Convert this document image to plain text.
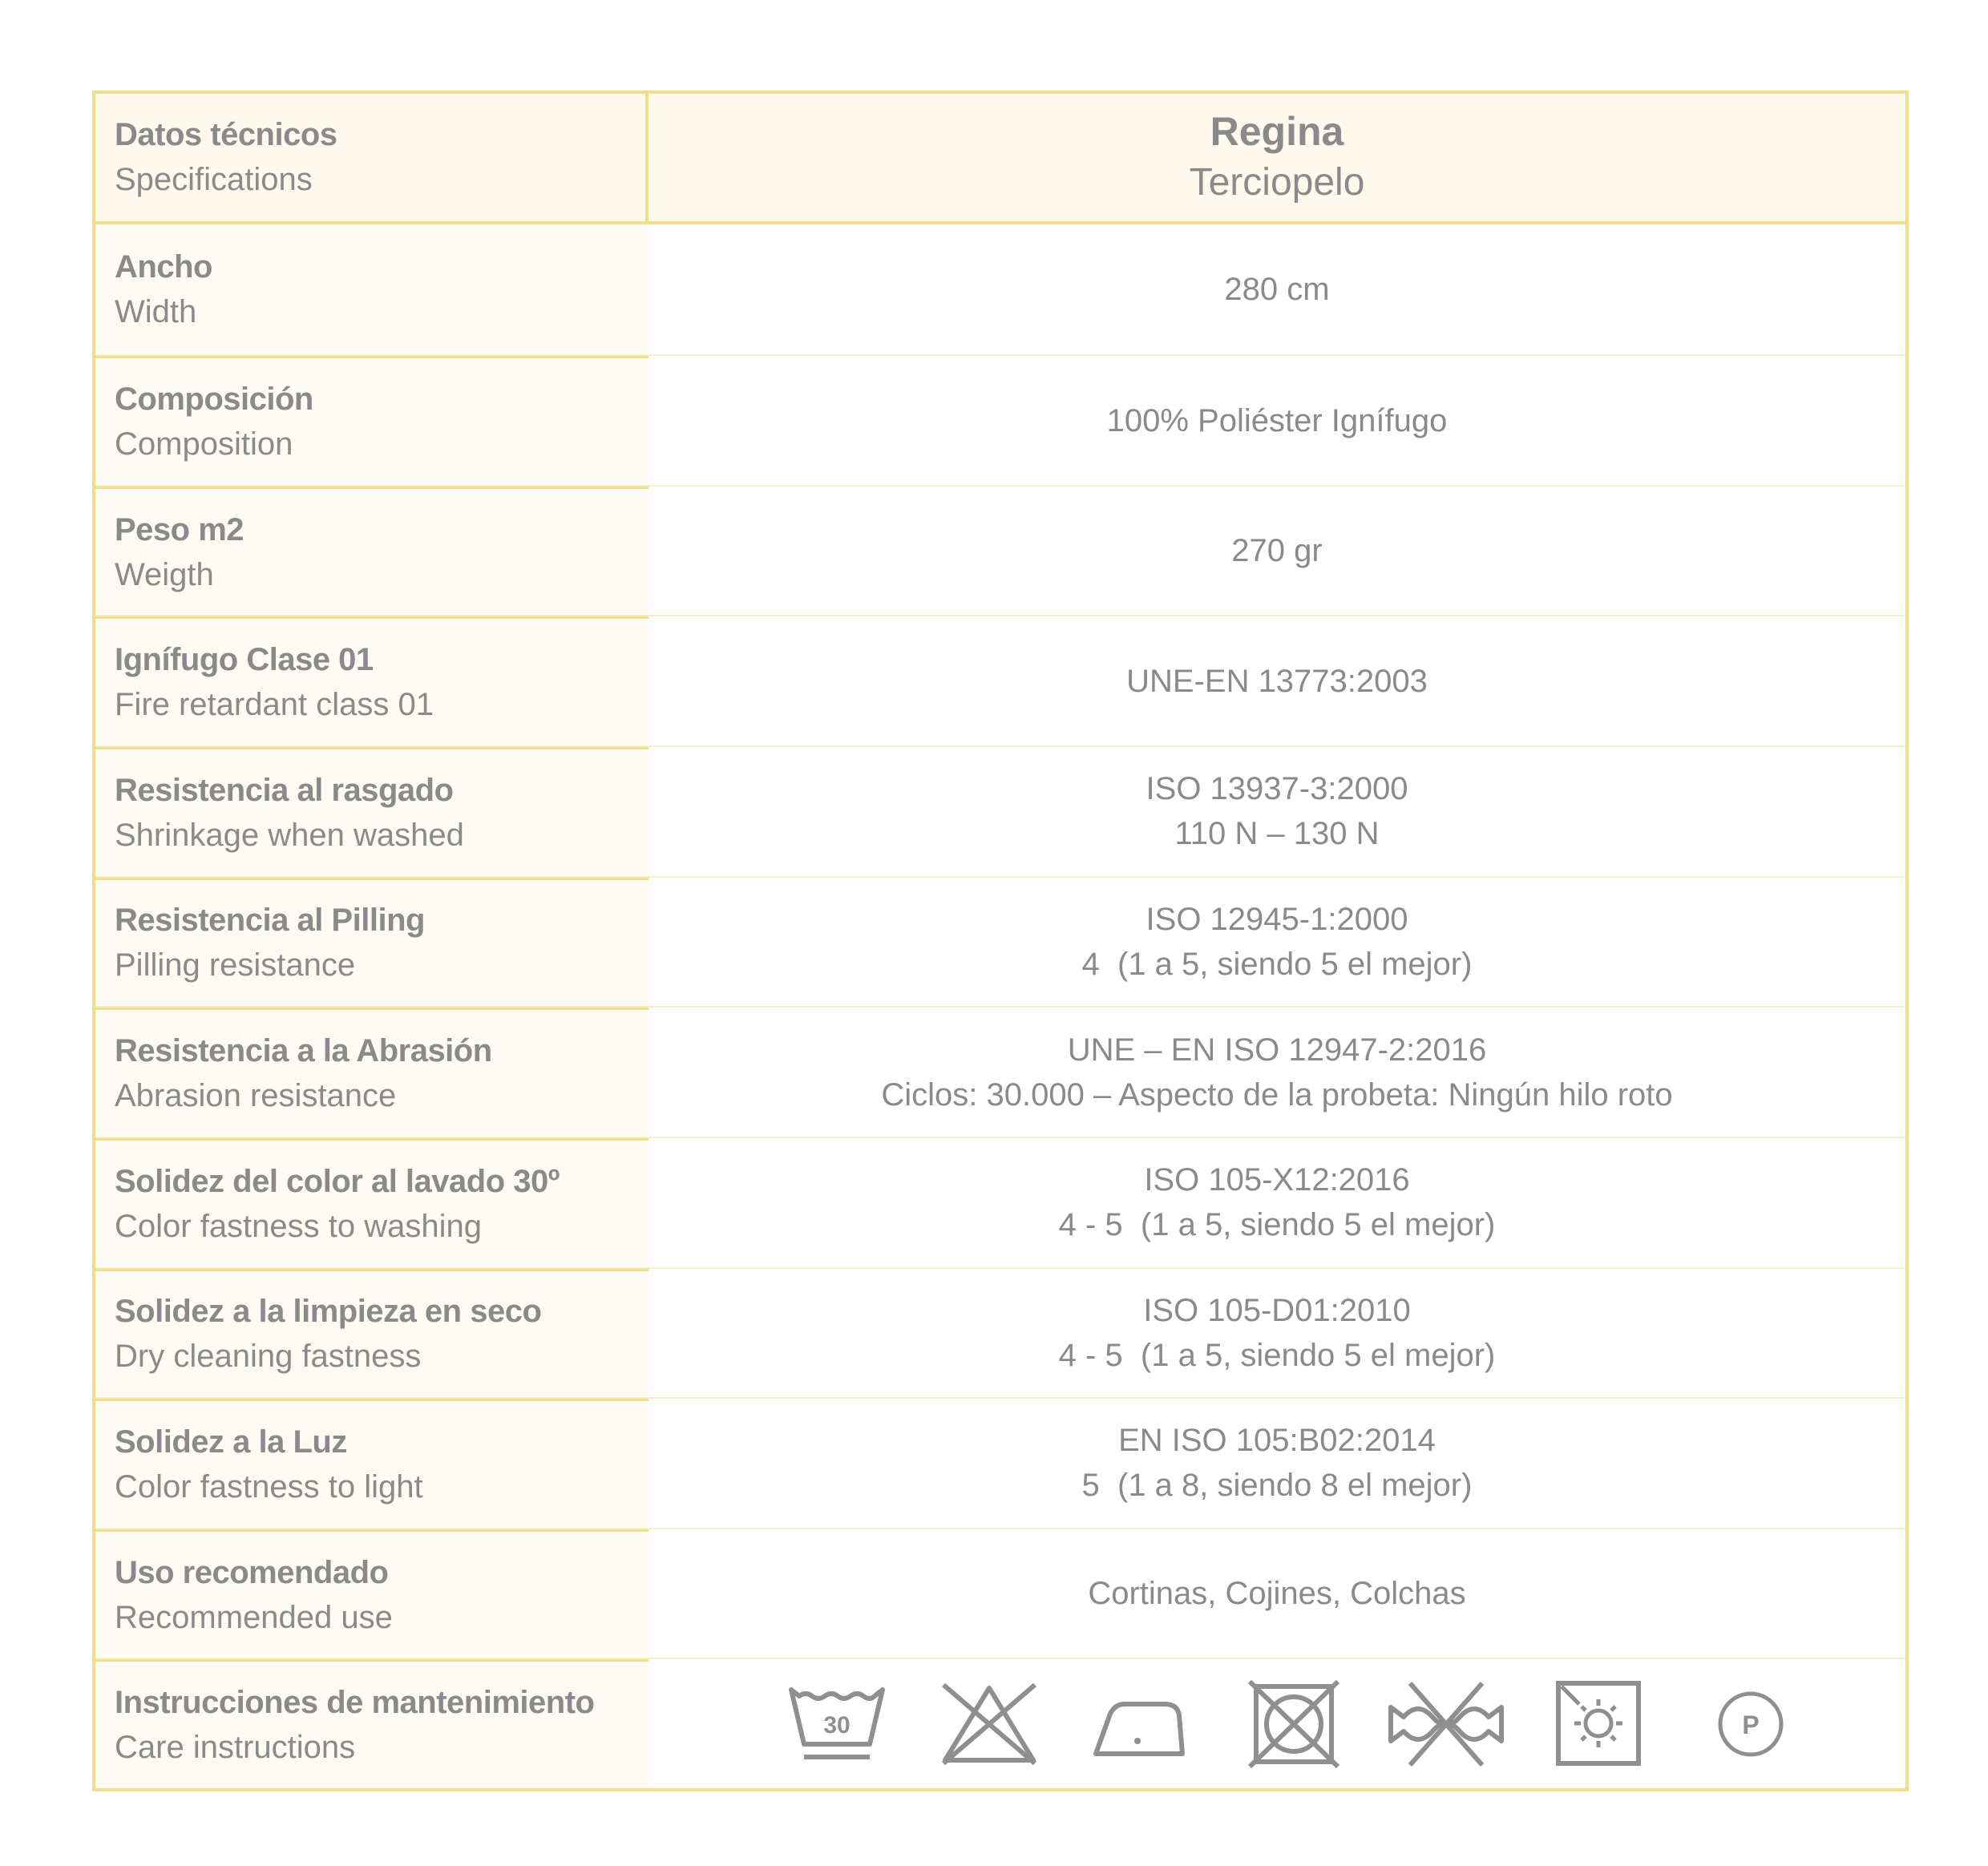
Datos técnicos
Specifications
Regina
Terciopelo
Ancho
Width
280 cm
Composición
Composition
100% Poliéster Ignífugo
Peso m2
Weigth
270 gr
Ignífugo Clase 01
Fire retardant class 01
UNE-EN 13773:2003
Resistencia al rasgado
Shrinkage when washed
ISO 13937-3:2000
110 N – 130 N
Resistencia al Pilling
Pilling resistance
ISO 12945-1:2000
4  (1 a 5, siendo 5 el mejor)
Resistencia a la Abrasión
Abrasion resistance
UNE – EN ISO 12947-2:2016
Ciclos: 30.000 – Aspecto de la probeta: Ningún hilo roto
Solidez del color al lavado 30º
Color fastness to washing
ISO 105-X12:2016
4 - 5  (1 a 5, siendo 5 el mejor)
Solidez a la limpieza en seco
Dry cleaning fastness
ISO 105-D01:2010
4 - 5  (1 a 5, siendo 5 el mejor)
Solidez a la Luz
Color fastness to light
EN ISO 105:B02:2014
5  (1 a 8, siendo 8 el mejor)
Uso recomendado
Recommended use
Cortinas, Cojines, Colchas
Instrucciones de mantenimiento
Care instructions
30	P
